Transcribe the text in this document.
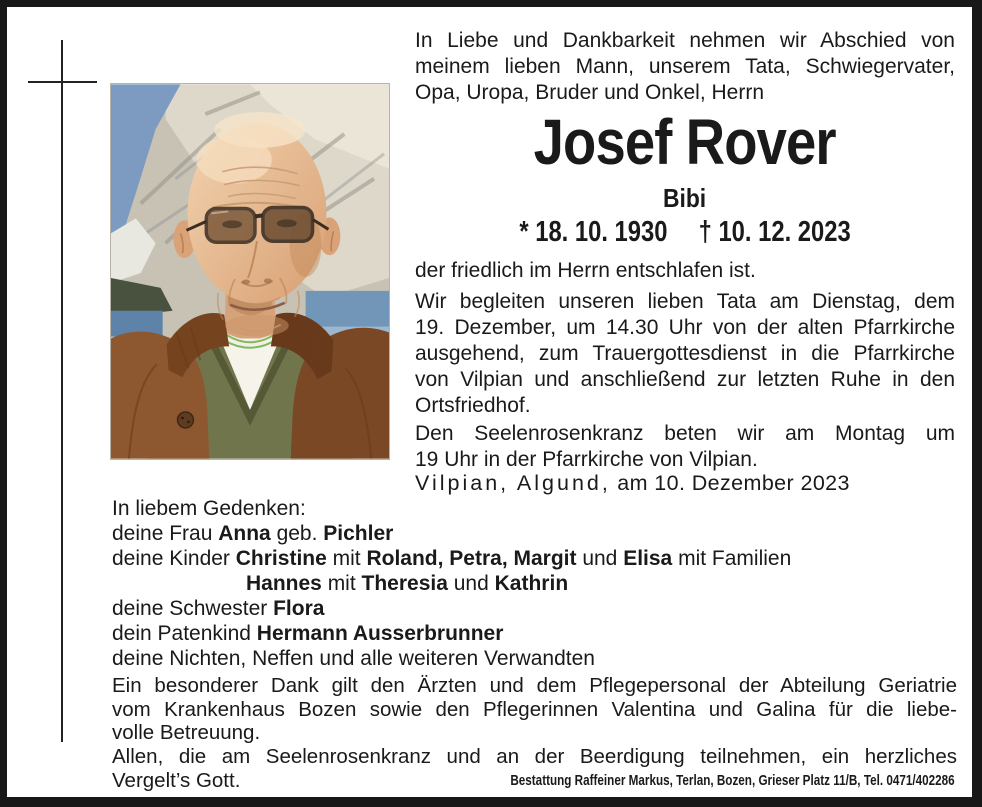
In Liebe und Dankbarkeit nehmen wir Abschied von
meinem lieben Mann, unserem Tata, Schwiegervater,
Opa, Uropa, Bruder und Onkel, Herrn
Josef Rover
Bibi
* 18. 10. 1930 † 10. 12. 2023
der friedlich im Herrn entschlafen ist.
Wir begleiten unseren lieben Tata am Dienstag, dem
19. Dezember, um 14.30 Uhr von der alten Pfarrkirche
ausgehend, zum Trauergottesdienst in die Pfarrkirche
von Vilpian und anschließend zur letzten Ruhe in den
Ortsfriedhof.
Den Seelenrosenkranz beten wir am Montag um
19 Uhr in der Pfarrkirche von Vilpian.
Vilpian, Algund, am 10. Dezember 2023
In liebem Gedenken:
deine Frau Anna geb. Pichler
deine Kinder Christine mit Roland, Petra, Margit und Elisa mit Familien
Hannes mit Theresia und Kathrin
deine Schwester Flora
dein Patenkind Hermann Ausserbrunner
deine Nichten, Neffen und alle weiteren Verwandten
Ein besonderer Dank gilt den Ärzten und dem Pflegepersonal der Abteilung Geriatrie
vom Krankenhaus Bozen sowie den Pflegerinnen Valentina und Galina für die liebe-
volle Betreuung.
Allen, die am Seelenrosenkranz und an der Beerdigung teilnehmen, ein herzliches
Vergelt’s Gott.	Bestattung Raffeiner Markus, Terlan, Bozen, Grieser Platz 11/B, Tel. 0471/402286
